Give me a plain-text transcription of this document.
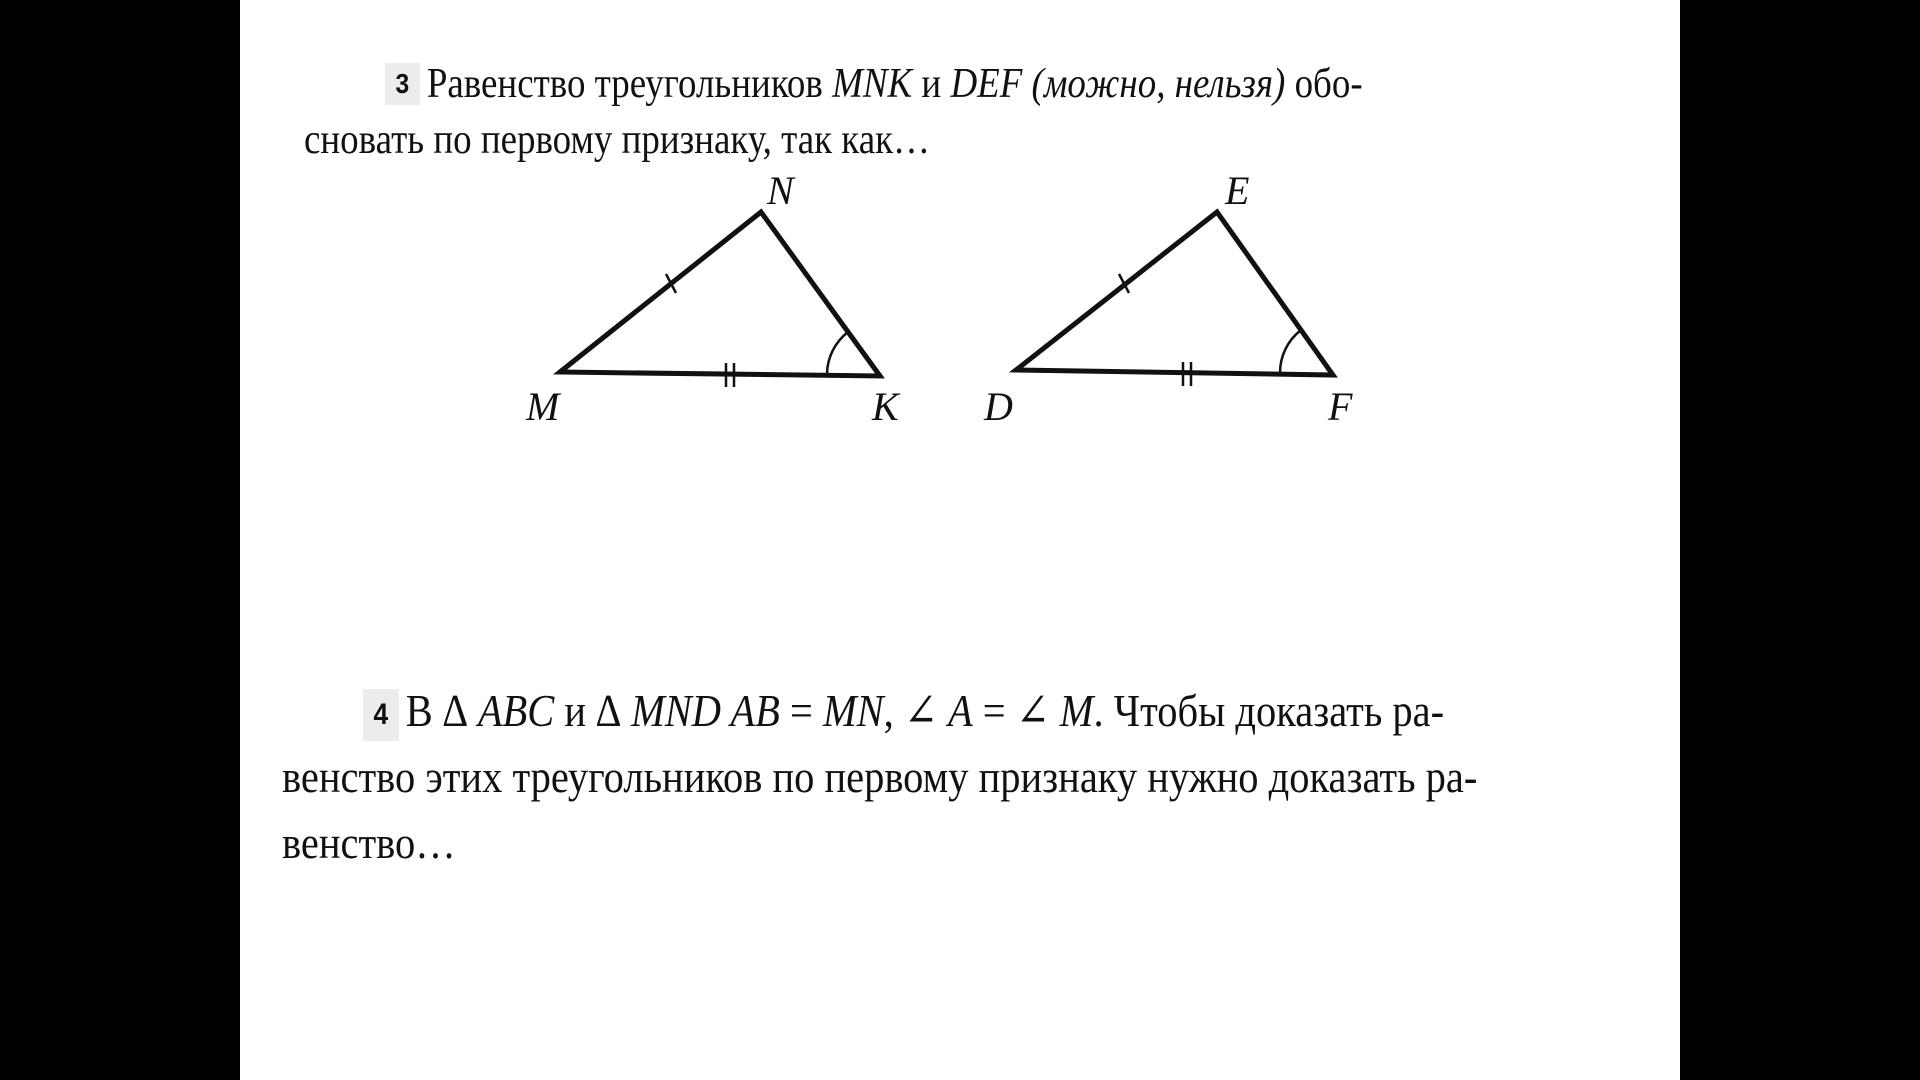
3 Равенство треугольников MNK и DEF (можно, нельзя) обо-
сновать по первому признаку, так как…
N
M	K
E
D	F
4 В ∆ ABC и ∆ MND AB = MN, ∠ A = ∠ M. Чтобы доказать ра-
венство этих треугольников по первому признаку нужно доказать ра-
венство…
